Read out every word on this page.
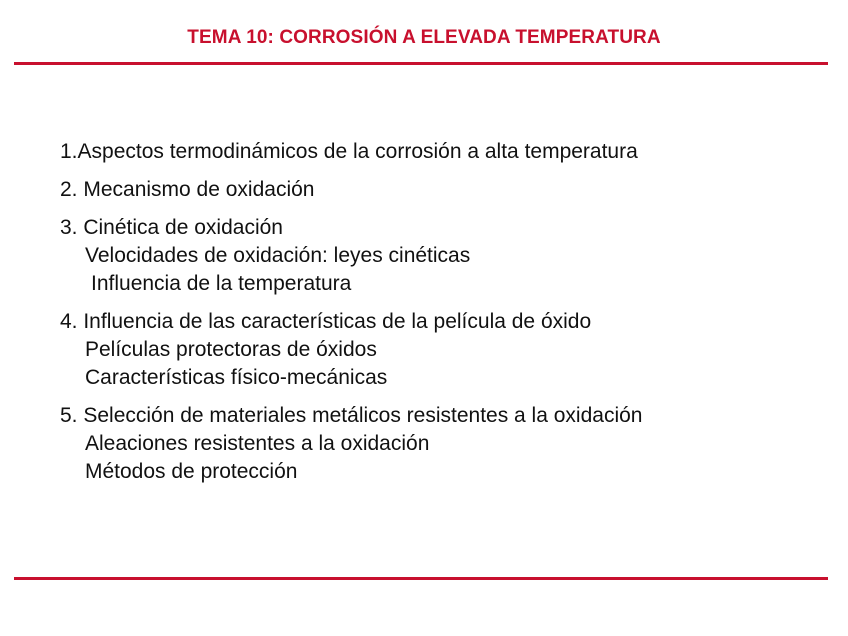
TEMA 10: CORROSIÓN A ELEVADA TEMPERATURA
1.Aspectos termodinámicos de la corrosión a alta temperatura
2. Mecanismo de oxidación
3. Cinética de oxidación
Velocidades de oxidación: leyes cinéticas
Influencia de la temperatura
4. Influencia de las características de la película de óxido
Películas protectoras de óxidos
Características físico-mecánicas
5. Selección de materiales metálicos resistentes a la oxidación
Aleaciones resistentes a la oxidación
Métodos de protección
